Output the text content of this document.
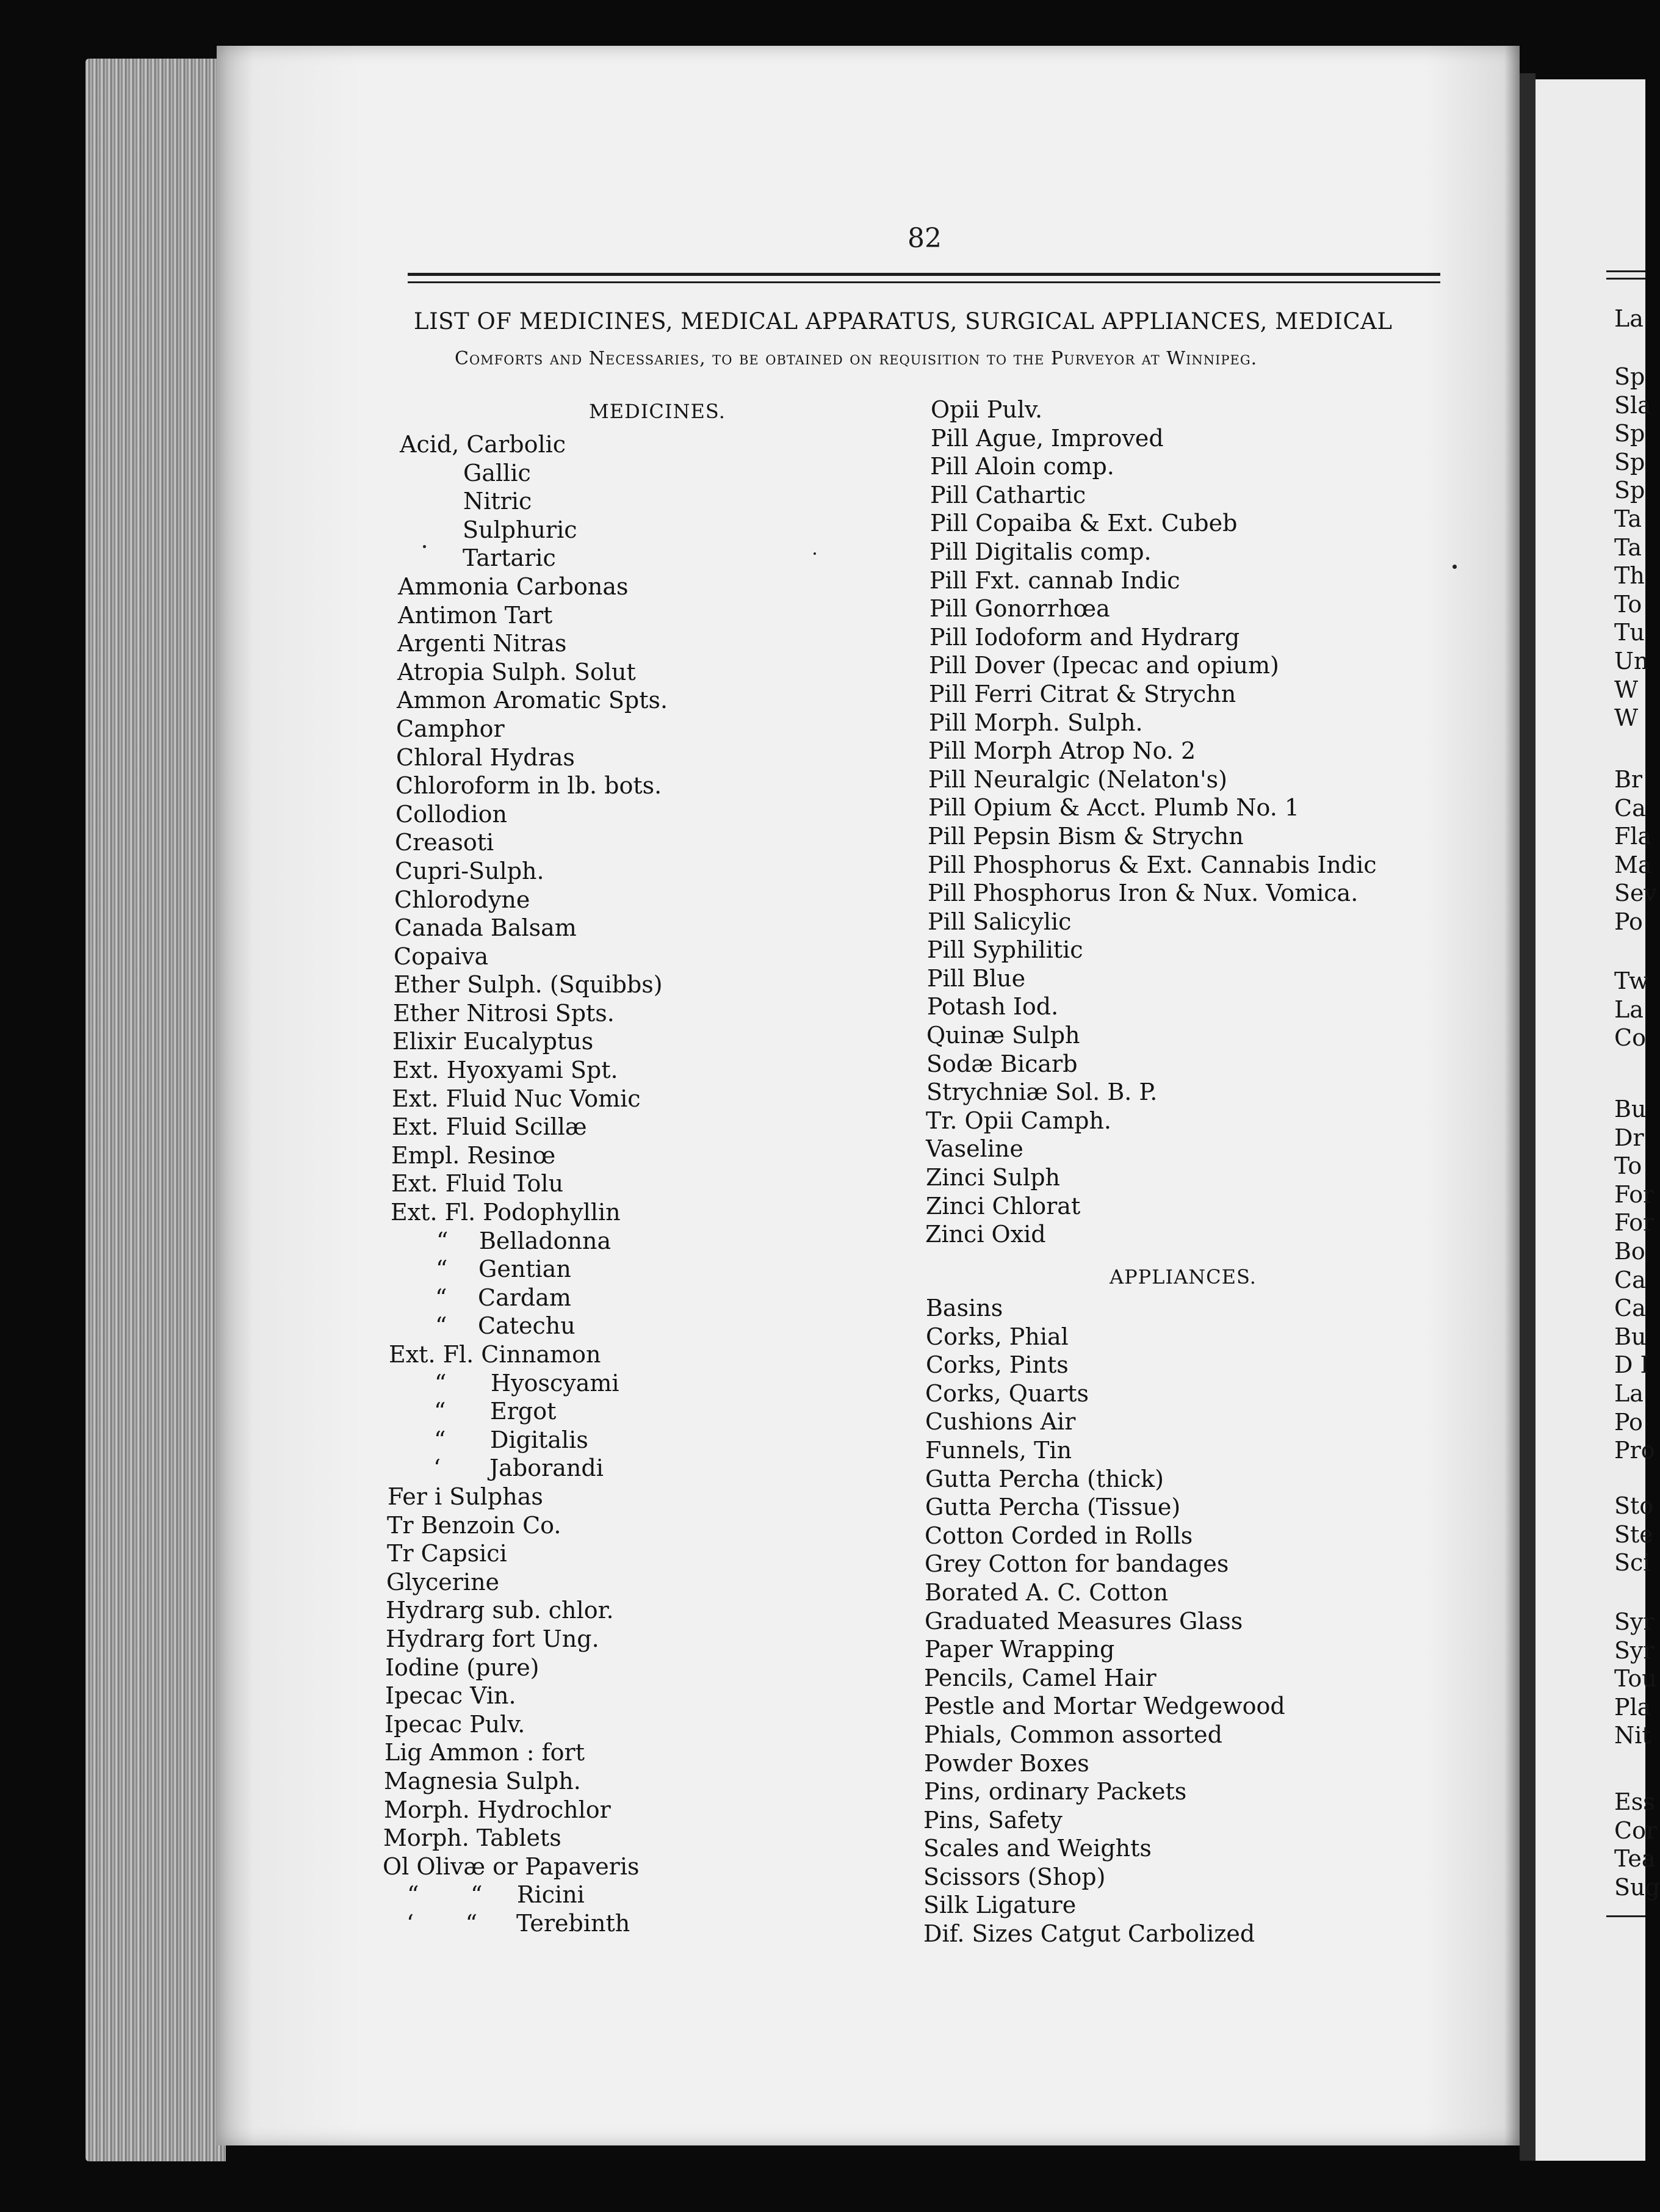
82
LIST OF MEDICINES, MEDICAL APPARATUS, SURGICAL APPLIANCES, MEDICAL
Comforts and Necessaries, to be obtained on requisition to the Purveyor at Winnipeg.
MEDICINES.
Acid, Carbolic
Gallic
Nitric
Sulphuric
Tartaric
Ammonia Carbonas
Antimon Tart
Argenti Nitras
Atropia Sulph. Solut
Ammon Aromatic Spts.
Camphor
Chloral Hydras
Chloroform in lb. bots.
Collodion
Creasoti
Cupri-Sulph.
Chlorodyne
Canada Balsam
Copaiva
Ether Sulph. (Squibbs)
Ether Nitrosi Spts.
Elixir Eucalyptus
Ext. Hyoxyami Spt.
Ext. Fluid Nuc Vomic
Ext. Fluid Scillæ
Empl. Resinœ
Ext. Fluid Tolu
Ext. Fl. Podophyllin
“ Belladonna
“ Gentian
“ Cardam
“ Catechu
Ext. Fl. Cinnamon
“ Hyoscyami
“ Ergot
“ Digitalis
‘ Jaborandi
Fer i Sulphas
Tr Benzoin Co.
Tr Capsici
Glycerine
Hydrarg sub. chlor.
Hydrarg fort Ung.
Iodine (pure)
Ipecac Vin.
Ipecac Pulv.
Lig Ammon : fort
Magnesia Sulph.
Morph. Hydrochlor
Morph. Tablets
Ol Olivæ or Papaveris
“       “ Ricini
‘       “ Terebinth
Opii Pulv.
Pill Ague, Improved
Pill Aloin comp.
Pill Cathartic
Pill Copaiba & Ext. Cubeb
Pill Digitalis comp.
Pill Fxt. cannab Indic
Pill Gonorrhœa
Pill Iodoform and Hydrarg
Pill Dover (Ipecac and opium)
Pill Ferri Citrat & Strychn
Pill Morph. Sulph.
Pill Morph Atrop No. 2
Pill Neuralgic (Nelaton's)
Pill Opium & Acct. Plumb No. 1
Pill Pepsin Bism & Strychn
Pill Phosphorus & Ext. Cannabis Indic
Pill Phosphorus Iron & Nux. Vomica.
Pill Salicylic
Pill Syphilitic
Pill Blue
Potash Iod.
Quinæ Sulph
Sodæ Bicarb
Strychniæ Sol. B. P.
Tr. Opii Camph.
Vaseline
Zinci Sulph
Zinci Chlorat
Zinci Oxid
APPLIANCES.
Basins
Corks, Phial
Corks, Pints
Corks, Quarts
Cushions Air
Funnels, Tin
Gutta Percha (thick)
Gutta Percha (Tissue)
Cotton Corded in Rolls
Grey Cotton for bandages
Borated A. C. Cotton
Graduated Measures Glass
Paper Wrapping
Pencils, Camel Hair
Pestle and Mortar Wedgewood
Phials, Common assorted
Powder Boxes
Pins, ordinary Packets
Pins, Safety
Scales and Weights
Scissors (Shop)
Silk Ligature
Dif. Sizes Catgut Carbolized
La
Sp
Sla
Sp
Sp
Sp
Ta
Ta
Th
To
Tu
Un
W
W
Br
Ca
Fla
Ma
Sev
Po
Tw
La
Co
Bu
Dr
To
For
For
Bo
Ca
Ca
Bu
D I
La
Po
Pro
Sto
Ste
Sci
Syr
Syr
Tou
Pla
Nit
Ess
Cor
Tea
Sug
